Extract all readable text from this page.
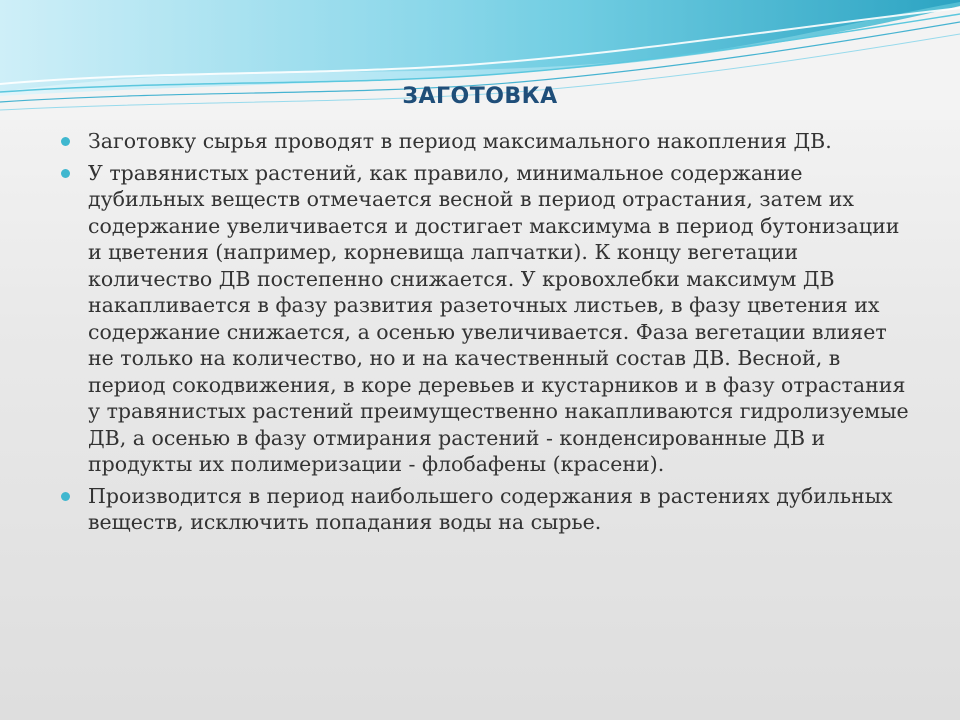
ЗАГОТОВКА
Заготовку сырья проводят в период максимального накопления ДВ.
У травянистых растений, как правило, минимальное содержание дубильных веществ отмечается весной в период отрастания, затем их содержание увеличивается и достигает максимума в период бутонизации и цветения (например, корневища лапчатки). К концу вегетации количество ДВ постепенно снижается. У кровохлебки максимум ДВ накапливается в фазу развития разеточных листьев, в фазу цветения их содержание снижается, а осенью увеличивается. Фаза вегетации влияет не только на количество, но и на качественный состав ДВ. Весной, в период сокодвижения, в коре деревьев и кустарников и в фазу отрастания у травянистых растений преимущественно накапливаются гидролизуемые ДВ, а осенью в фазу отмирания растений - конденсированные ДВ и продукты их полимеризации - флобафены (красени).
Производится в период наибольшего содержания в растениях дубильных веществ, исключить попадания воды на сырье.
